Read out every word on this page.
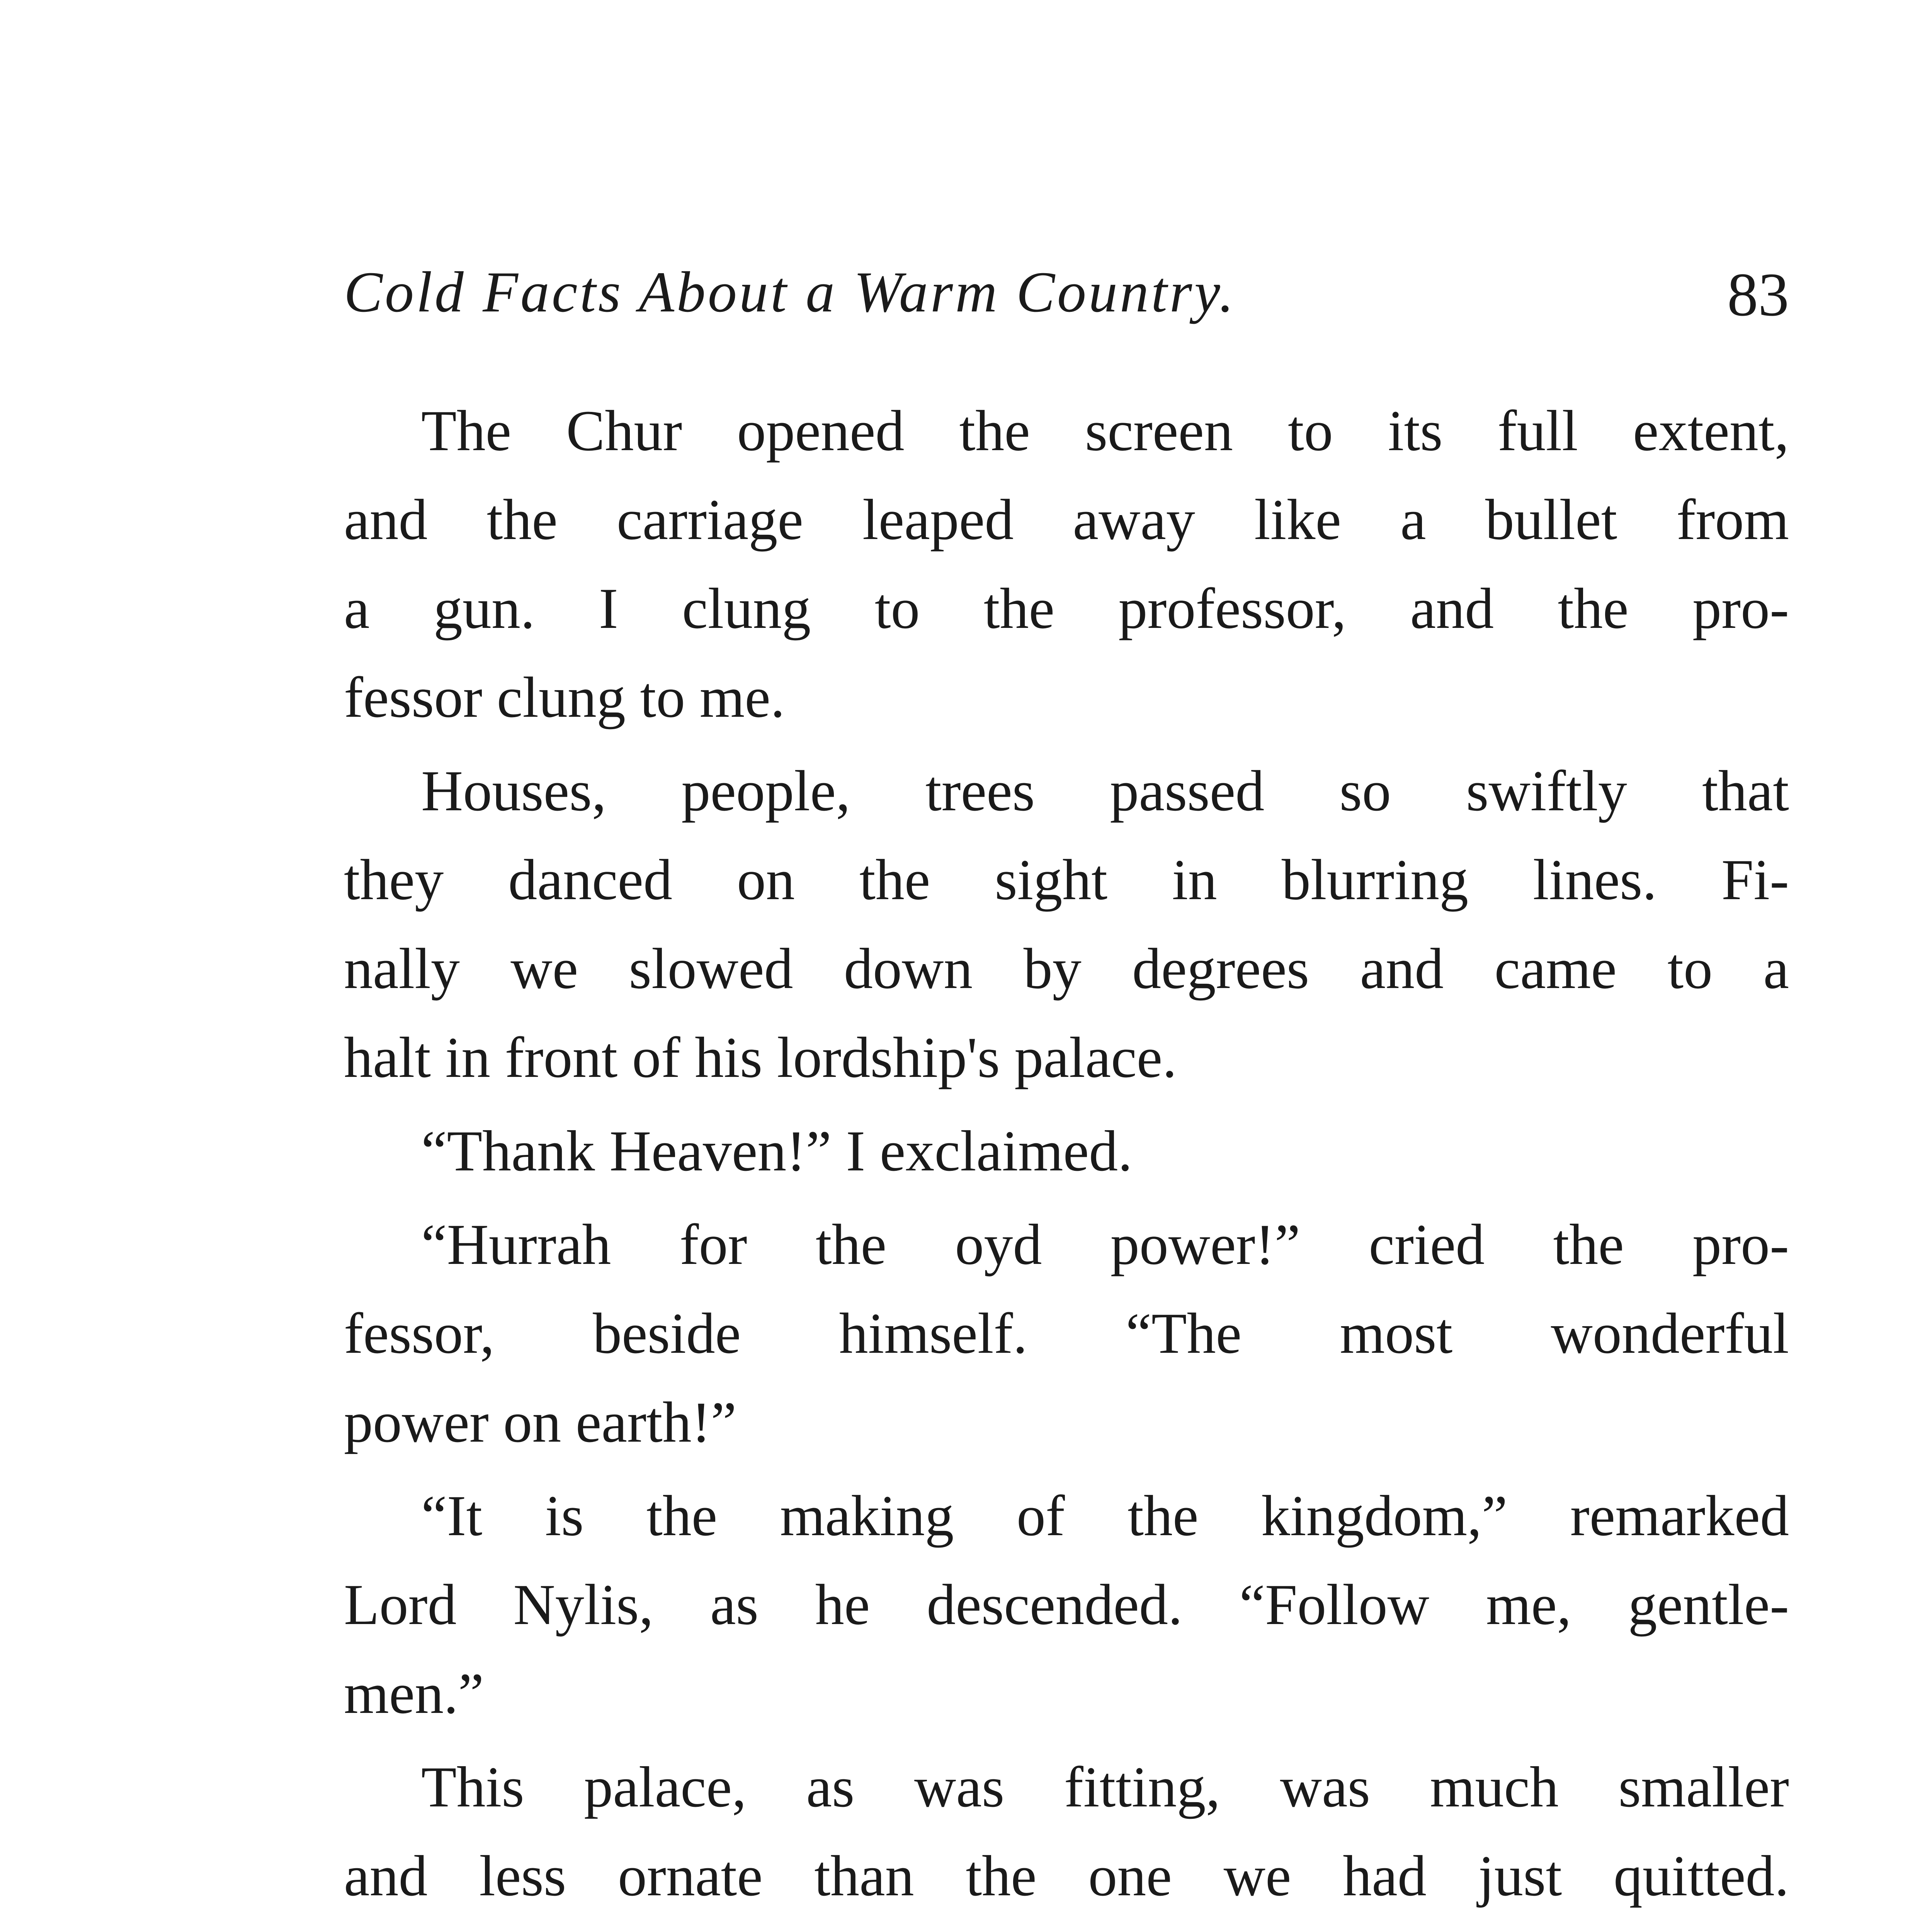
Cold Facts About a Warm Country.	83
The Chur opened the screen to its full extent,
and the carriage leaped away like a bullet from
a gun. I clung to the professor, and the pro-
fessor clung to me.
Houses, people, trees passed so swiftly that
they danced on the sight in blurring lines. Fi-
nally we slowed down by degrees and came to a
halt in front of his lordship's palace.
“Thank Heaven!” I exclaimed.
“Hurrah for the oyd power!” cried the pro-
fessor, beside himself. “The most wonderful
power on earth!”
“It is the making of the kingdom,” remarked
Lord Nylis, as he descended. “Follow me, gentle-
men.”
This palace, as was fitting, was much smaller
and less ornate than the one we had just quitted.
